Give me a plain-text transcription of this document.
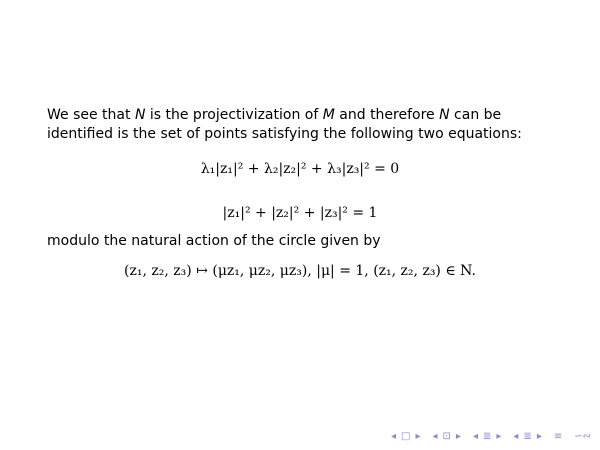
We see that N is the projectivization of M and therefore N can be identified is the set of points satisfying the following two equations:

λ₁|z₁|² + λ₂|z₂|² + λ₃|z₃|² = 0
|z₁|² + |z₂|² + |z₃|² = 1

modulo the natural action of the circle given by

(z₁, z₂, z₃) ↦ (μz₁, μz₂, μz₃), |μ| = 1, (z₁, z₂, z₃) ∈ N.
◂ □ ▸ ◂ ⊡ ▸ ◂ ≣ ▸ ◂ ≣ ▸ ≡ ∽∾
